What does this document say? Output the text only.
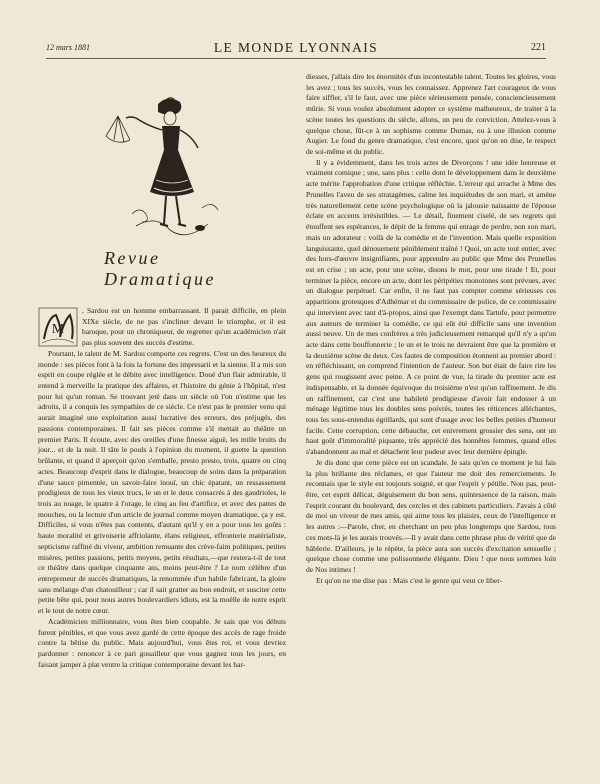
12 mars 1881	LE MONDE LYONNAIS	221
Revue Dramatique

M
. Sardou est un homme embarrassant. Il parait difficile, en plein XIXe siècle, de ne pas s'incliner devant le triomphe, et il est baroque, pour un chroniqueur, de regretter qu'un académicien n'ait pas plus souvent des succès d'estime.

Pourtant, le talent de M. Sardou comporte ces regrets. C'est un des heureux du monde : ses pièces font à la fois la fortune des impresarii et la sienne. Il a mis son esprit en coupe réglée et le débite avec intelligence. Doué d'un flair admirable, il entend à merveille la pratique des affaires, et l'histoire du génie à l'hôpital, n'est pour lui qu'un roman. Se trouvant jeté dans un siècle où l'on n'estime que les adroits, il a conquis les sympathies de ce siècle. Ce n'est pas le premier venu qui aurait imaginé une exploitation aussi lucrative des erreurs, des préjugés, des passions contemporaines. Il fait ses pièces comme s'il mettait au théâtre un premier Paris. Il écoute, avec des oreilles d'une finesse aiguë, les mille bruits du jour... et de la nuit. Il tâte le pouls à l'opinion du moment, il guette la question brûlante, et quand il aperçoit qu'on s'emballe, presto presto, trois, quatre ou cinq actes. Beaucoup d'esprit dans le dialogue, beaucoup de soins dans la préparation d'une sauce pimentée, un savoir-faire inouï, un chic épatant, un ressassement prodigieux de tous les vieux trucs, le un et le deux consacrés à des gaudrioles, le trois au nuage, le quatre à l'orage, le cinq au feu d'artifice, et avec des pattes de mouches, ou la lecture d'un article de journal comme moyen dramatique, ça y est. Difficiles, si vous n'êtes pas contents, d'autant qu'il y en a pour tous les goûts : haute moralité et grivoiserie affriolante, élans religieux, effronterie matérialiste, septicisme raffiné du viveur, ambition remuante des crève-faim politiques, petites misères, petites passions, petits moyens, petits résultats,—que restera-t-il de tout ce théâtre dans quelque cinquante ans, moins peut-être ? Le nom célèbre d'un entrepreneur de succès dramatiques, la renommée d'un habile fabricant, la gloire sans mélange d'un chatouilleur ; car il sait gratter au bon endroit, et susciter cette petite bête qui, pour nous autres boulevardiers idiots, est la moëlle de notre esprit et le tout de notre cœur.

Académicien millionnaire, vous êtes bien coupable. Je sais que vos débuts furent pénibles, et que vous avez gardé de cette époque des accès de rage froide contre la bêtise du public. Mais aujourd'hui, vous êtes roi, et vous devriez pardonner : renoncer à ce pari gouailleur que vous gagnez tous les jours, en faisant jamper à plat ventre la critique contemporaine devant les har-

diesses, j'allais dire les énormités d'un incontestable talent. Toutes les gloires, vous les avez ; tous les succès, vous les connaissez. Apprenez l'art courageux de vous faire siffler, s'il le faut, avec une pièce sérieusement pensée, consciencieusement mûrie. Si vous voulez absolument adopter ce système malheureux, de traiter à la scène toutes les questions du siècle, allons, un peu de conviction. Attelez-vous à quelque chose, fût-ce à un sophisme comme Dumas, ou à une illusion comme Augier. Le fond du genre dramatique, c'est encore, quoi qu'on en dise, le respect de soi-même et du public.

Il y a évidemment, dans les trois actes de Divorçons ! une idée heureuse et vraiment comique ; une, sans plus : celle dont le développement dans le deuxième acte mérite l'approbation d'une critique réfléchie. L'erreur qui arrache à Mme des Prunelles l'aveu de ses stratagèmes, calme les inquiétudes de son mari, et amène très naturellement cette scène psychologique où la jalousie naissante de l'épouse éclate en accents irrésistibles. — Le détail, finement ciselé, de ses regrets qui étouffent ses espérances, le dépit de la femme qui enrage de perdre, non son mari, mais un adorateur : voilà de la comédie et de l'invention. Mais quelle exposition languissante, quel dénouement péniblement traîné ! Quoi, un acte tout entier, avec des hors-d'œuvre insignifiants, pour apprendre au public que Mme des Prunelles est en crise ; un acte, pour une scène, disons le mot, pour une tirade ! Et, pour terminer la pièce, encore un acte, dont les péripéties monotones sont prévues, avec un dialogue perpétuel. Car enfin, il ne faut pas compter comme sérieuses ces apparitions grotesques d'Adhémar et du commissaire de police, de ce commissaire qui intervient avec tant d'à-propos, ainsi que l'exempt dans Tartufe, pour permettre aux auteurs de terminer la comédie, ce qui eût été difficile sans une invention aussi neuve. Un de mes confrères a très judicieusement remarqué qu'il n'y a qu'un acte dans cette bouffonnerie ; le un et le trois ne devraient être que la première et la deuxième scène du deux. Ces fautes de composition étonnent au premier abord : en réfléchissant, on comprend l'intention de l'auteur. Son but était de faire rire les gens qui rougissent avec peine. A ce point de vue, la tirade du premier acte est indispensable, et la donnée équivoque du troisième n'est qu'un raffinement. Je dis un raffinement, car c'est une habileté prodigieuse d'avoir fait endosser à un ménage légitime tous les doubles sens poivrés, toutes les réticences alléchantes, tous les sous-entendus égrillards, qui sont d'usage avec les belles petites d'humeur facile. Cette corruption, cette débauche, cet enivrement grossier des sens, ont un haut goût d'immoralité piquante, très apprécié des honnêtes femmes, quand elles s'abandonnent au mal et détachent leur pudeur avec leur dernière épingle.

Je dis donc que cette pièce est un scandale. Je sais qu'en ce moment je lui fais la plus brillante des réclames, et que l'auteur me doit des remerciements. Je reconnais que le style est toujours soigné, et que l'esprit y pétille. Non pas, peut-être, cet esprit délicat, déguisement du bon sens, quintessence de la raison, mais l'esprit courant du boulevard, des cercles et des cabinets particuliers. J'avais à côté de moi un viveur de mes amis, qui aime tous les plaisirs, ceux de l'intelligence et les autres :—Parole, cher, en cherchant un peu plus longtemps que Sardou, tous ces mots-là je les aurais trouvés.—Il y avait dans cette phrase plus de vérité que de hâblerie. D'ailleurs, je le répète, la pièce aura son succès d'excitation sensuelle ; quelque chose comme une polissonnerie élégante. Dieu ! que nous sommes loin de Nos intimes !

Et qu'on ne me dise pas : Mais c'est le genre qui veut ce liber-
